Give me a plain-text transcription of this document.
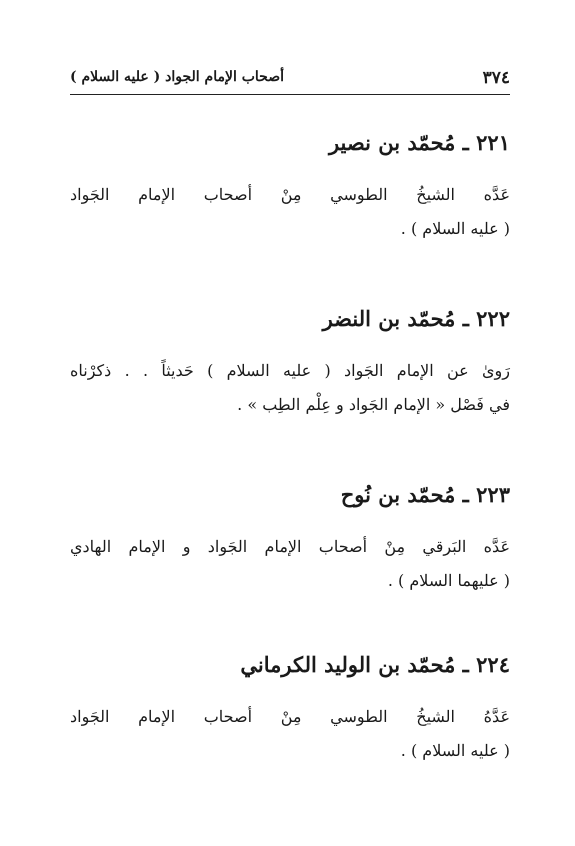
٣٧٤
أصحاب الإمام الجواد ( عليه السلام )
٢٢١ ـ مُحمّد بن نصير
عَدَّه الشيخُ الطوسي مِنْ أصحاب الإمام الجَواد
( عليه السلام ) .
٢٢٢ ـ مُحمّد بن النضر
رَوىٰ عن الإمام الجَواد ( عليه السلام ) حَديثاً . . ذكرْناه
في فَصْل « الإمام الجَواد و عِلْم الطِب » .
٢٢٣ ـ مُحمّد بن نُوح
عَدَّه البَرقي مِنْ أصحاب الإمام الجَواد و الإمام الهادي
( عليهما السلام ) .
٢٢٤ ـ مُحمّد بن الوليد الكرماني
عَدَّهُ الشيخُ الطوسي مِنْ أصحاب الإمام الجَواد
( عليه السلام ) .
